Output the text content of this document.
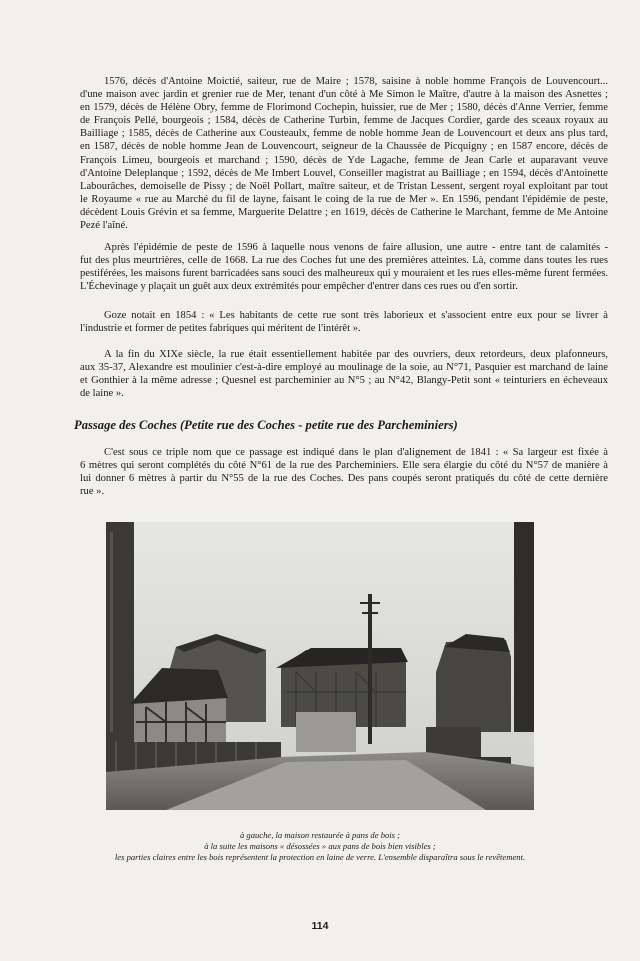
1576, décès d'Antoine Moictié, saiteur, rue de Maire ; 1578, saisine à noble homme François de Louvencourt...
d'une maison avec jardin et grenier rue de Mer, tenant d'un côté à Me Simon le Maître, d'autre à la maison des Asnettes ;
en 1579, décès de Hélène Obry, femme de Florimond Cochepin, huissier, rue de Mer ; 1580, décès d'Anne Verrier, femme
de François Pellé, bourgeois ; 1584, décès de Catherine Turbin, femme de Jacques Cordier, garde des sceaux royaux au
Bailliage ; 1585, décès de Catherine aux Cousteaulx, femme de noble homme Jean de Louvencourt et deux ans plus tard,
en 1587, décès de noble homme Jean de Louvencourt, seigneur de la Chaussée de Picquigny ; en 1587 encore, décès de
François Limeu, bourgeois et marchand ; 1590, décès de Yde Lagache, femme de Jean Carle et auparavant veuve
d'Antoine Deleplanque ; 1592, décès de Me Imbert Louvel, Conseiller magistrat au Bailliage ; en 1594, décès d'Antoinette
Labourâches, demoiselle de Pissy ; de Noël Pollart, maître saiteur, et de Tristan Lessent, sergent royal exploitant par tout
le Royaume « rue au Marché du fil de layne, faisant le coing de la rue de Mer ». En 1596, pendant l'épidémie de peste,
décèdent Louis Grévin et sa femme, Marguerite Delattre ; en 1619, décès de Catherine le Marchant, femme de Me Antoine
Pezé l'aîné.
Après l'épidémie de peste de 1596 à laquelle nous venons de faire allusion, une autre - entre tant de calamités -
fut des plus meurtrières, celle de 1668. La rue des Coches fut une des premières atteintes. Là, comme dans toutes les rues
pestiférées, les maisons furent barricadées sans souci des malheureux qui y mouraient et les rues elles-même furent fermées.
L'Échevinage y plaçait un guêt aux deux extrémités pour empêcher d'entrer dans ces rues ou d'en sortir.
Goze notait en 1854 : « Les habitants de cette rue sont très laborieux et s'associent entre eux pour se livrer à
l'industrie et former de petites fabriques qui méritent de l'intérêt ».
A la fin du XIXe siècle, la rue était essentiellement habitée par des ouvriers, deux retordeurs, deux plafonneurs,
aux 35-37, Alexandre est moulinier c'est-à-dire employé au moulinage de la soie, au N°71, Pasquier est marchand de laine
et Gonthier à la même adresse ; Quesnel est parcheminier au N°5 ; au N°42, Blangy-Petit sont « teinturiers en écheveaux
de laine ».
Passage des Coches (Petite rue des Coches - petite rue des Parcheminiers)
C'est sous ce triple nom que ce passage est indiqué dans le plan d'alignement de 1841 : « Sa largeur est fixée à
6 mètres qui seront complétés du côté N°61 de la rue des Parcheminiers. Elle sera élargie du côté du N°57 de manière à
lui donner 6 mètres à partir du N°55 de la rue des Coches. Des pans coupés seront pratiqués du côté de cette dernière
rue ».
à gauche, la maison restaurée à pans de bois ;
à la suite les maisons « désossées » aux pans de bois bien visibles ;
les parties claires entre les bois représentent la protection en laine de verre. L'ensemble disparaîtra sous le revêtement.
114
